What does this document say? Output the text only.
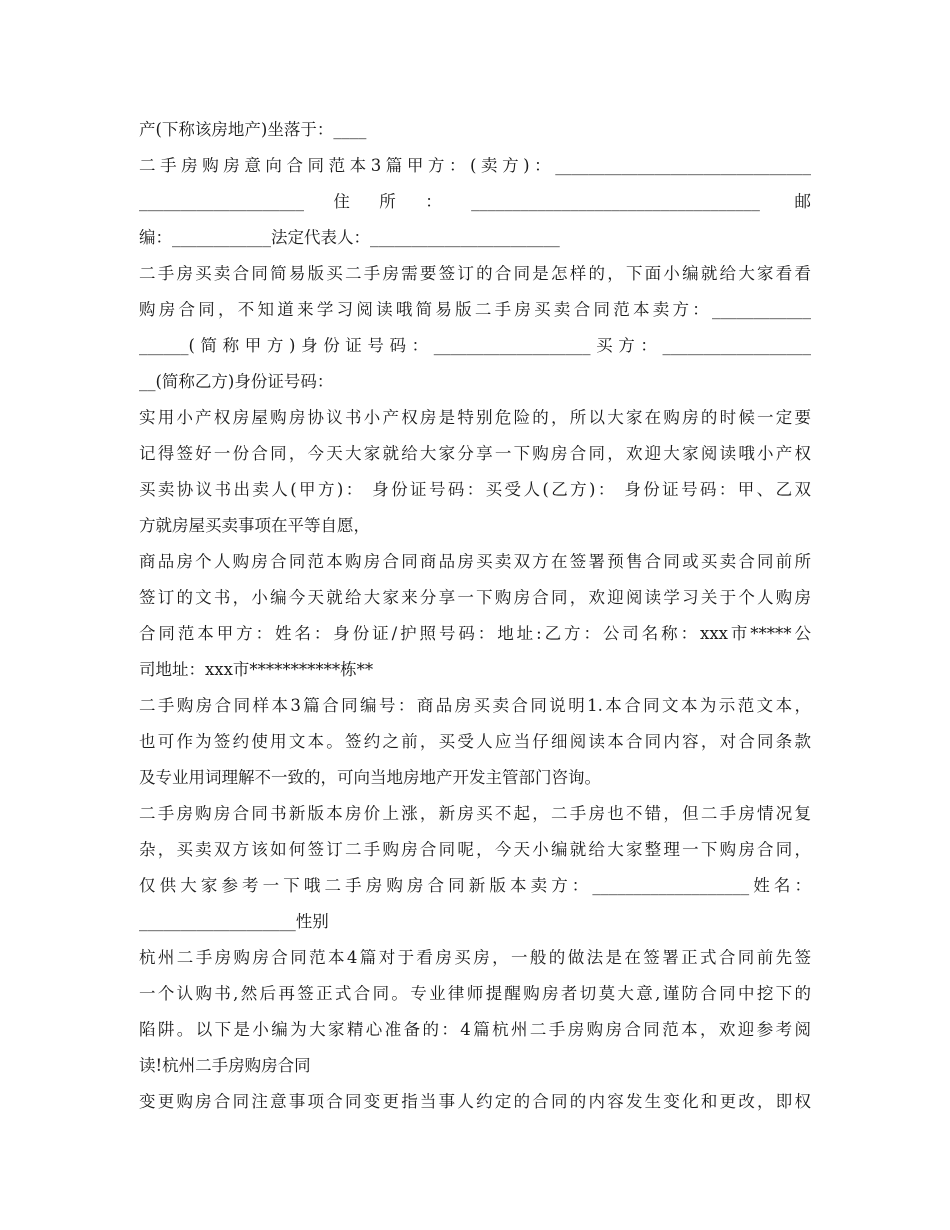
产(下称该房地产)坐落于：____
二手房购房意向合同范本3篇甲方：(卖方)：_______________________________
____________________住所：___________________________________ 邮
编：____________法定代表人：_______________________
二手房买卖合同简易版买二手房需要签订的合同是怎样的，下面小编就给大家看看
购房合同，不知道来学习阅读哦简易版二手房买卖合同范本卖方：____________
______(简称甲方)身份证号码：___________________买方：__________________
__(简称乙方)身份证号码：
实用小产权房屋购房协议书小产权房是特别危险的，所以大家在购房的时候一定要
记得签好一份合同，今天大家就给大家分享一下购房合同，欢迎大家阅读哦小产权
买卖协议书出卖人(甲方)： 身份证号码：买受人(乙方)： 身份证号码：甲、乙双
方就房屋买卖事项在平等自愿，
商品房个人购房合同范本购房合同商品房买卖双方在签署预售合同或买卖合同前所
签订的文书，小编今天就给大家来分享一下购房合同，欢迎阅读学习关于个人购房
合同范本甲方：姓名：身份证/护照号码：地址:乙方：公司名称：xxx市*****公
司地址：xxx市***********栋**
二手购房合同样本3篇合同编号：商品房买卖合同说明1.本合同文本为示范文本，
也可作为签约使用文本。签约之前，买受人应当仔细阅读本合同内容，对合同条款
及专业用词理解不一致的，可向当地房地产开发主管部门咨询。
二手房购房合同书新版本房价上涨，新房买不起，二手房也不错，但二手房情况复
杂，买卖双方该如何签订二手购房合同呢，今天小编就给大家整理一下购房合同，
仅供大家参考一下哦二手房购房合同新版本卖方：___________________姓名：
___________________性别
杭州二手房购房合同范本4篇对于看房买房，一般的做法是在签署正式合同前先签
一个认购书,然后再签正式合同。专业律师提醒购房者切莫大意,谨防合同中挖下的
陷阱。以下是小编为大家精心准备的：4篇杭州二手房购房合同范本，欢迎参考阅
读!杭州二手房购房合同
变更购房合同注意事项合同变更指当事人约定的合同的内容发生变化和更改，即权
